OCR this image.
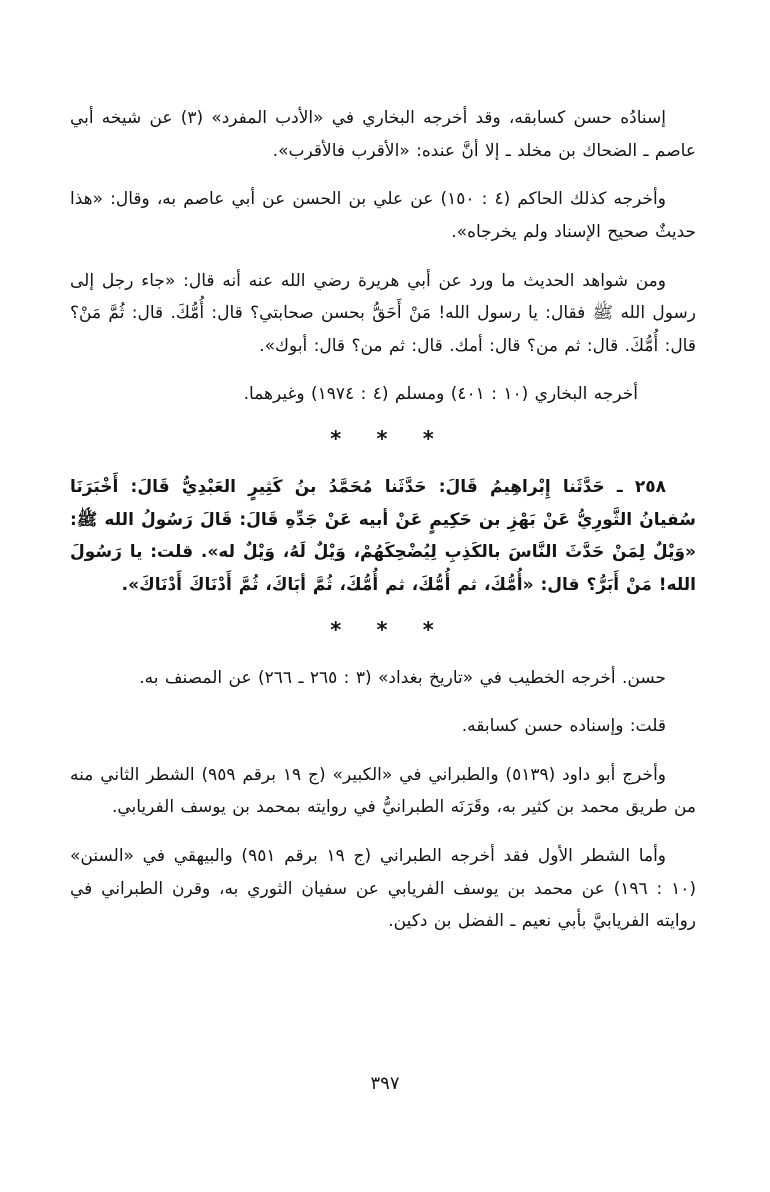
إسنادُه حسن كسابقه، وقد أخرجه البخاري في «الأدب المفرد» (٣) عن شيخه أبي عاصم ـ الضحاك بن مخلد ـ إلا أنَّ عنده: «الأقرب فالأقرب».

وأخرجه كذلك الحاكم (٤ : ١٥٠) عن علي بن الحسن عن أبي عاصم به، وقال: «هذا حديثٌ صحيح الإسناد ولم يخرجاه».

ومن شواهد الحديث ما ورد عن أبي هريرة رضي الله عنه أنه قال: «جاء رجل إلى رسول الله ﷺ فقال: يا رسول الله! مَنْ أَحَقُّ بحسن صحابتي؟ قال: أُمُّكَ. قال: ثُمَّ مَنْ؟ قال: أُمُّكَ. قال: ثم من؟ قال: أمك. قال: ثم من؟ قال: أبوك».

أخرجه البخاري (١٠ : ٤٠١) ومسلم (٤ : ١٩٧٤) وغيرهما.

* * *

٢٥٨ ـ حَدَّثَنا إِبْراهِيمُ قَالَ: حَدَّثَنا مُحَمَّدُ بنُ كَثِيرٍ العَبْدِيُّ قَالَ: أَخْبَرَنَا سُفيانُ الثَّورِيُّ عَنْ بَهْزِ بن حَكِيمٍ عَنْ أبيه عَنْ جَدِّهِ قَالَ: قَالَ رَسُولُ الله ﷺ: «وَيْلٌ لِمَنْ حَدَّثَ النَّاسَ بالكَذِبِ لِيُضْحِكَهُمْ، وَيْلٌ لَهُ، وَيْلٌ له». قلت: يا رَسُولَ الله! مَنْ أَبَرُّ؟ قال: «أُمُّكَ، ثم أُمُّكَ، ثم أُمُّكَ، ثُمَّ أبَاكَ، ثُمَّ أَدْنَاكَ أَدْنَاكَ».

* * *

حسن. أخرجه الخطيب في «تاريخ بغداد» (٣ : ٢٦٥ ـ ٢٦٦) عن المصنف به.

قلت: وإسناده حسن كسابقه.

وأخرج أبو داود (٥١٣٩) والطبراني في «الكبير» (ج ١٩ برقم ٩٥٩) الشطر الثاني منه من طريق محمد بن كثير به، وقَرَنَه الطبرانيُّ في روايته بمحمد بن يوسف الفريابي.

وأما الشطر الأول فقد أخرجه الطبراني (ج ١٩ برقم ٩٥١) والبيهقي في «السنن» (١٠ : ١٩٦) عن محمد بن يوسف الفريابي عن سفيان الثوري به، وقرن الطبراني في روايته الفريابيَّ بأبي نعيم ـ الفضل بن دكين.

٣٩٧
